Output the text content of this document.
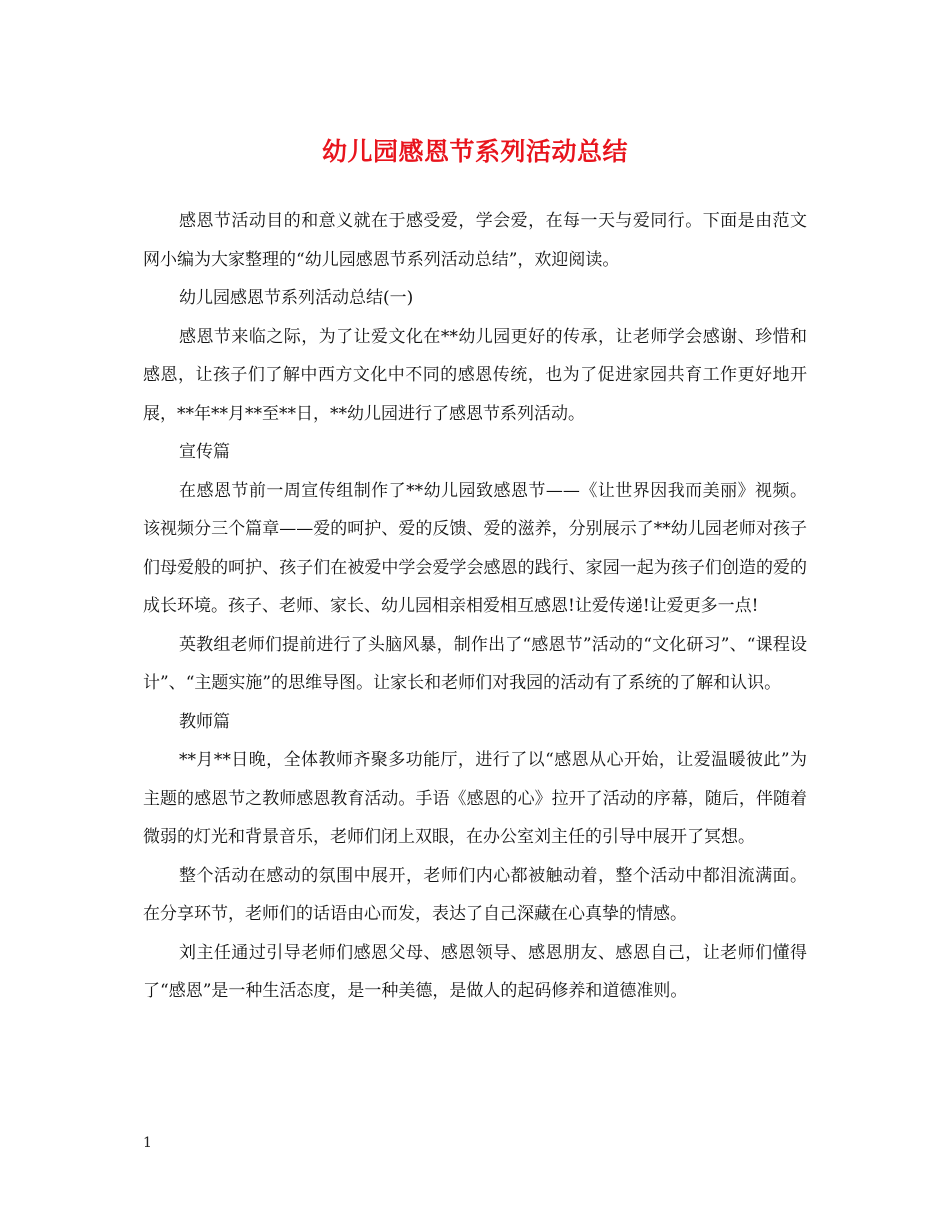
幼儿园感恩节系列活动总结

感恩节活动目的和意义就在于感受爱，学会爱，在每一天与爱同行。下面是由范文网小编为大家整理的“幼儿园感恩节系列活动总结”，欢迎阅读。

幼儿园感恩节系列活动总结(一)

感恩节来临之际，为了让爱文化在**幼儿园更好的传承，让老师学会感谢、珍惜和感恩，让孩子们了解中西方文化中不同的感恩传统，也为了促进家园共育工作更好地开展，**年**月**至**日，**幼儿园进行了感恩节系列活动。

宣传篇

在感恩节前一周宣传组制作了**幼儿园致感恩节——《让世界因我而美丽》视频。该视频分三个篇章——爱的呵护、爱的反馈、爱的滋养，分别展示了**幼儿园老师对孩子们母爱般的呵护、孩子们在被爱中学会爱学会感恩的践行、家园一起为孩子们创造的爱的成长环境。孩子、老师、家长、幼儿园相亲相爱相互感恩!让爱传递!让爱更多一点!

英教组老师们提前进行了头脑风暴，制作出了“感恩节”活动的“文化研习”、“课程设计”、“主题实施”的思维导图。让家长和老师们对我园的活动有了系统的了解和认识。

教师篇

**月**日晚，全体教师齐聚多功能厅，进行了以“感恩从心开始，让爱温暖彼此”为主题的感恩节之教师感恩教育活动。手语《感恩的心》拉开了活动的序幕，随后，伴随着微弱的灯光和背景音乐，老师们闭上双眼，在办公室刘主任的引导中展开了冥想。

整个活动在感动的氛围中展开，老师们内心都被触动着，整个活动中都泪流满面。在分享环节，老师们的话语由心而发，表达了自己深藏在心真挚的情感。

刘主任通过引导老师们感恩父母、感恩领导、感恩朋友、感恩自己，让老师们懂得了“感恩”是一种生活态度，是一种美德，是做人的起码修养和道德准则。

1
